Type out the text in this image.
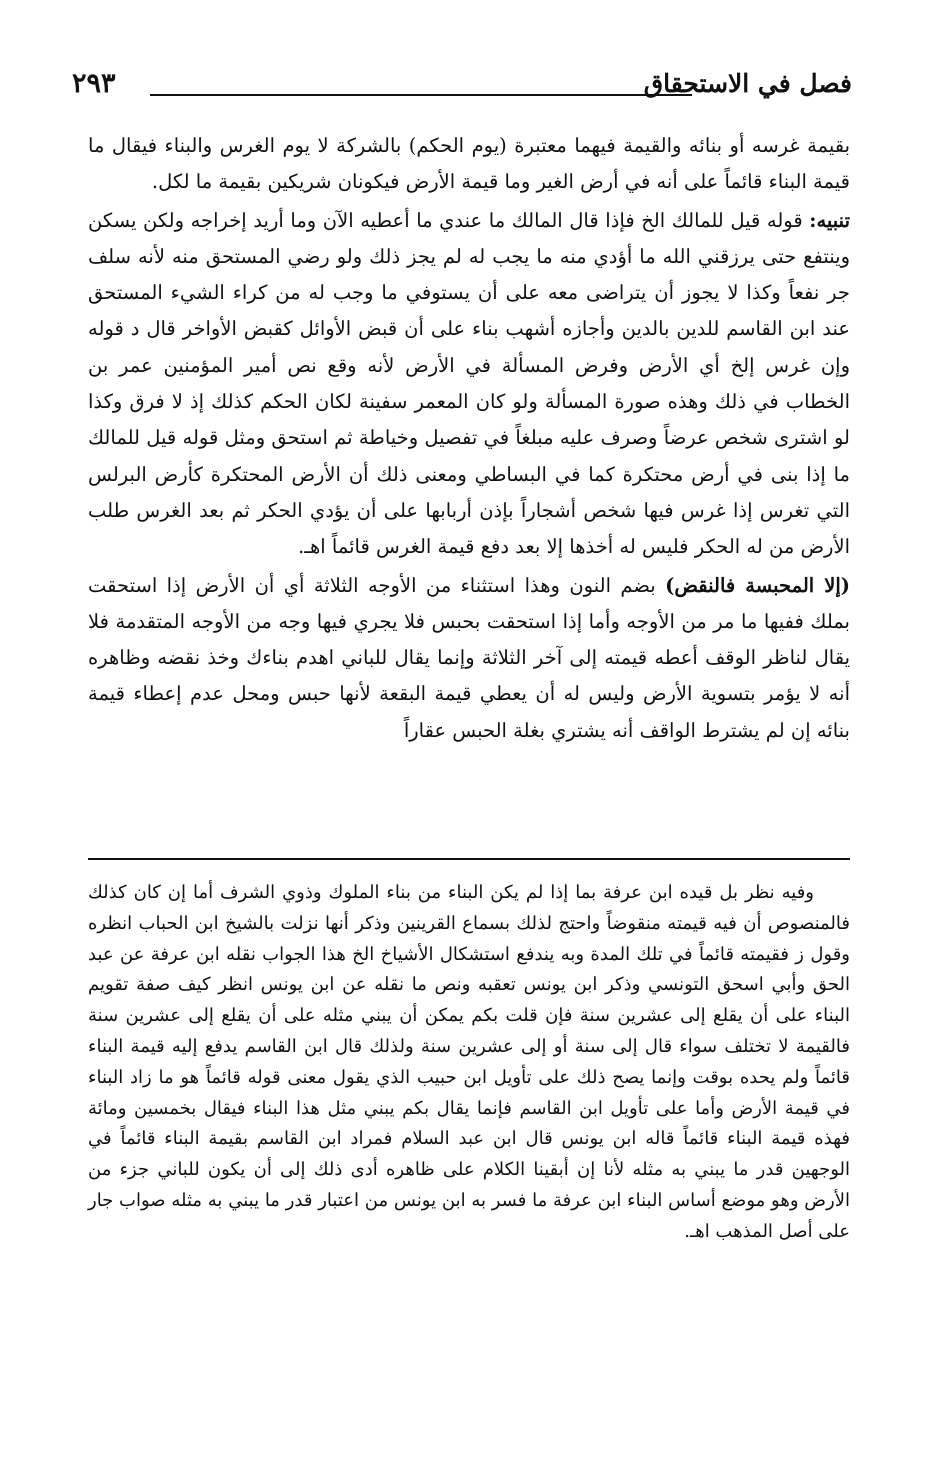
٢٩٣	فصل في الاستحقاق

بقيمة غرسه أو بنائه والقيمة فيهما معتبرة (يوم الحكم) بالشركة لا يوم الغرس والبناء فيقال ما قيمة البناء قائماً على أنه في أرض الغير وما قيمة الأرض فيكونان شريكين بقيمة ما لكل.

تنبيه: قوله قيل للمالك الخ فإذا قال المالك ما عندي ما أعطيه الآن وما أريد إخراجه ولكن يسكن وينتفع حتى يرزقني الله ما أؤدي منه ما يجب له لم يجز ذلك ولو رضي المستحق منه لأنه سلف جر نفعاً وكذا لا يجوز أن يتراضى معه على أن يستوفي ما وجب له من كراء الشيء المستحق عند ابن القاسم للدين بالدين وأجازه أشهب بناء على أن قبض الأوائل كقبض الأواخر قال د قوله وإن غرس إلخ أي الأرض وفرض المسألة في الأرض لأنه وقع نص أمير المؤمنين عمر بن الخطاب في ذلك وهذه صورة المسألة ولو كان المعمر سفينة لكان الحكم كذلك إذ لا فرق وكذا لو اشترى شخص عرضاً وصرف عليه مبلغاً في تفصيل وخياطة ثم استحق ومثل قوله قيل للمالك ما إذا بنى في أرض محتكرة كما في البساطي ومعنى ذلك أن الأرض المحتكرة كأرض البرلس التي تغرس إذا غرس فيها شخص أشجاراً بإذن أربابها على أن يؤدي الحكر ثم بعد الغرس طلب الأرض من له الحكر فليس له أخذها إلا بعد دفع قيمة الغرس قائماً اهـ.

(إلا المحبسة فالنقض) بضم النون وهذا استثناء من الأوجه الثلاثة أي أن الأرض إذا استحقت بملك ففيها ما مر من الأوجه وأما إذا استحقت بحبس فلا يجري فيها وجه من الأوجه المتقدمة فلا يقال لناظر الوقف أعطه قيمته إلى آخر الثلاثة وإنما يقال للباني اهدم بناءك وخذ نقضه وظاهره أنه لا يؤمر بتسوية الأرض وليس له أن يعطي قيمة البقعة لأنها حبس ومحل عدم إعطاء قيمة بنائه إن لم يشترط الواقف أنه يشتري بغلة الحبس عقاراً

وفيه نظر بل قيده ابن عرفة بما إذا لم يكن البناء من بناء الملوك وذوي الشرف أما إن كان كذلك فالمنصوص أن فيه قيمته منقوضاً واحتج لذلك بسماع القرينين وذكر أنها نزلت بالشيخ ابن الحباب انظره وقول ز فقيمته قائماً في تلك المدة وبه يندفع استشكال الأشياخ الخ هذا الجواب نقله ابن عرفة عن عبد الحق وأبي اسحق التونسي وذكر ابن يونس تعقبه ونص ما نقله عن ابن يونس انظر كيف صفة تقويم البناء على أن يقلع إلى عشرين سنة فإن قلت بكم يمكن أن يبني مثله على أن يقلع إلى عشرين سنة فالقيمة لا تختلف سواء قال إلى سنة أو إلى عشرين سنة ولذلك قال ابن القاسم يدفع إليه قيمة البناء قائماً ولم يحده بوقت وإنما يصح ذلك على تأويل ابن حبيب الذي يقول معنى قوله قائماً هو ما زاد البناء في قيمة الأرض وأما على تأويل ابن القاسم فإنما يقال بكم يبني مثل هذا البناء فيقال بخمسين ومائة فهذه قيمة البناء قائماً قاله ابن يونس قال ابن عبد السلام فمراد ابن القاسم بقيمة البناء قائماً في الوجهين قدر ما يبني به مثله لأنا إن أبقينا الكلام على ظاهره أدى ذلك إلى أن يكون للباني جزء من الأرض وهو موضع أساس البناء ابن عرفة ما فسر به ابن يونس من اعتبار قدر ما يبني به مثله صواب جار على أصل المذهب اهـ.
